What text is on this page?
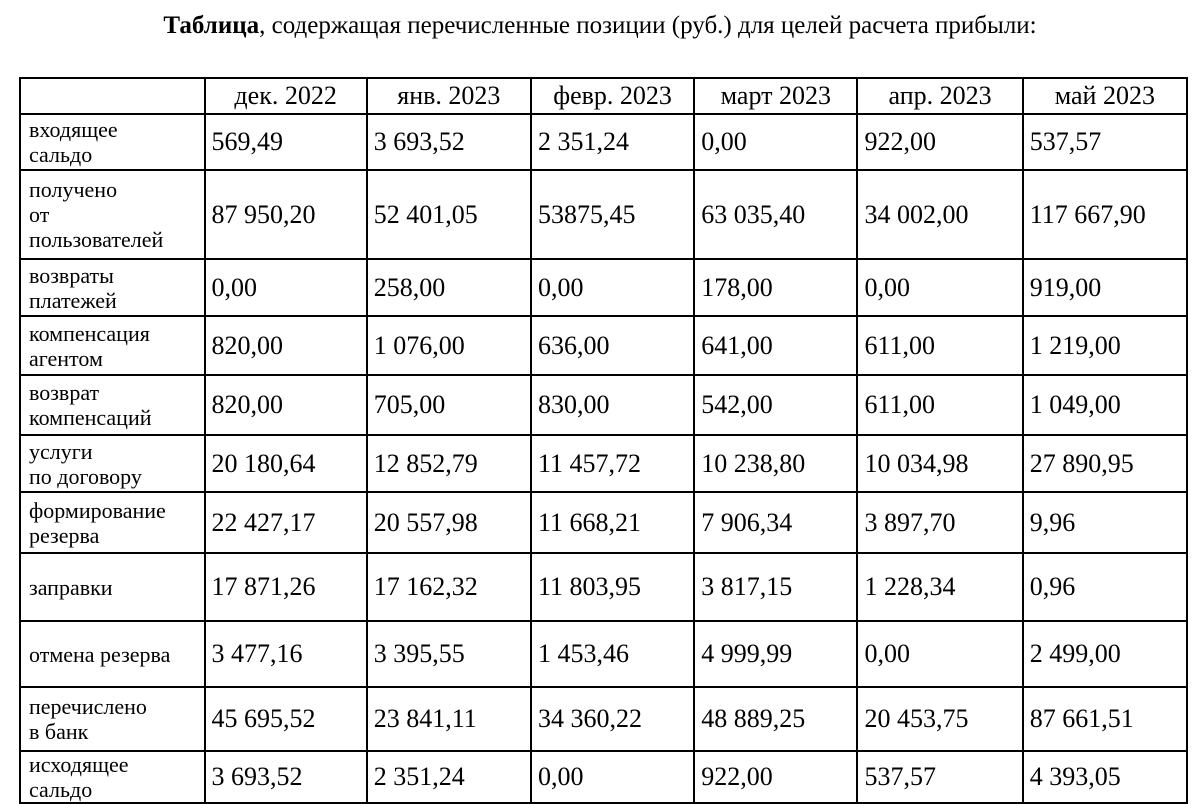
Таблица, содержащая перечисленные позиции (руб.) для целей расчета прибыли:
	дек. 2022	янв. 2023	февр. 2023	март 2023	апр. 2023	май 2023

входящее
сальдо	569,49	3 693,52	2 351,24	0,00	922,00	537,57

получено
от
пользователей	87 950,20	52 401,05	53875,45	63 035,40	34 002,00	117 667,90

возвраты
платежей	0,00	258,00	0,00	178,00	0,00	919,00

компенсация
агентом	820,00	1 076,00	636,00	641,00	611,00	1 219,00

возврат
компенсаций	820,00	705,00	830,00	542,00	611,00	1 049,00

услуги
по договору	20 180,64	12 852,79	11 457,72	10 238,80	10 034,98	27 890,95

формирование
резерва	22 427,17	20 557,98	11 668,21	7 906,34	3 897,70	9,96

заправки	17 871,26	17 162,32	11 803,95	3 817,15	1 228,34	0,96

отмена резерва	3 477,16	3 395,55	1 453,46	4 999,99	0,00	2 499,00

перечислено
в банк	45 695,52	23 841,11	34 360,22	48 889,25	20 453,75	87 661,51

исходящее
сальдо	3 693,52	2 351,24	0,00	922,00	537,57	4 393,05
